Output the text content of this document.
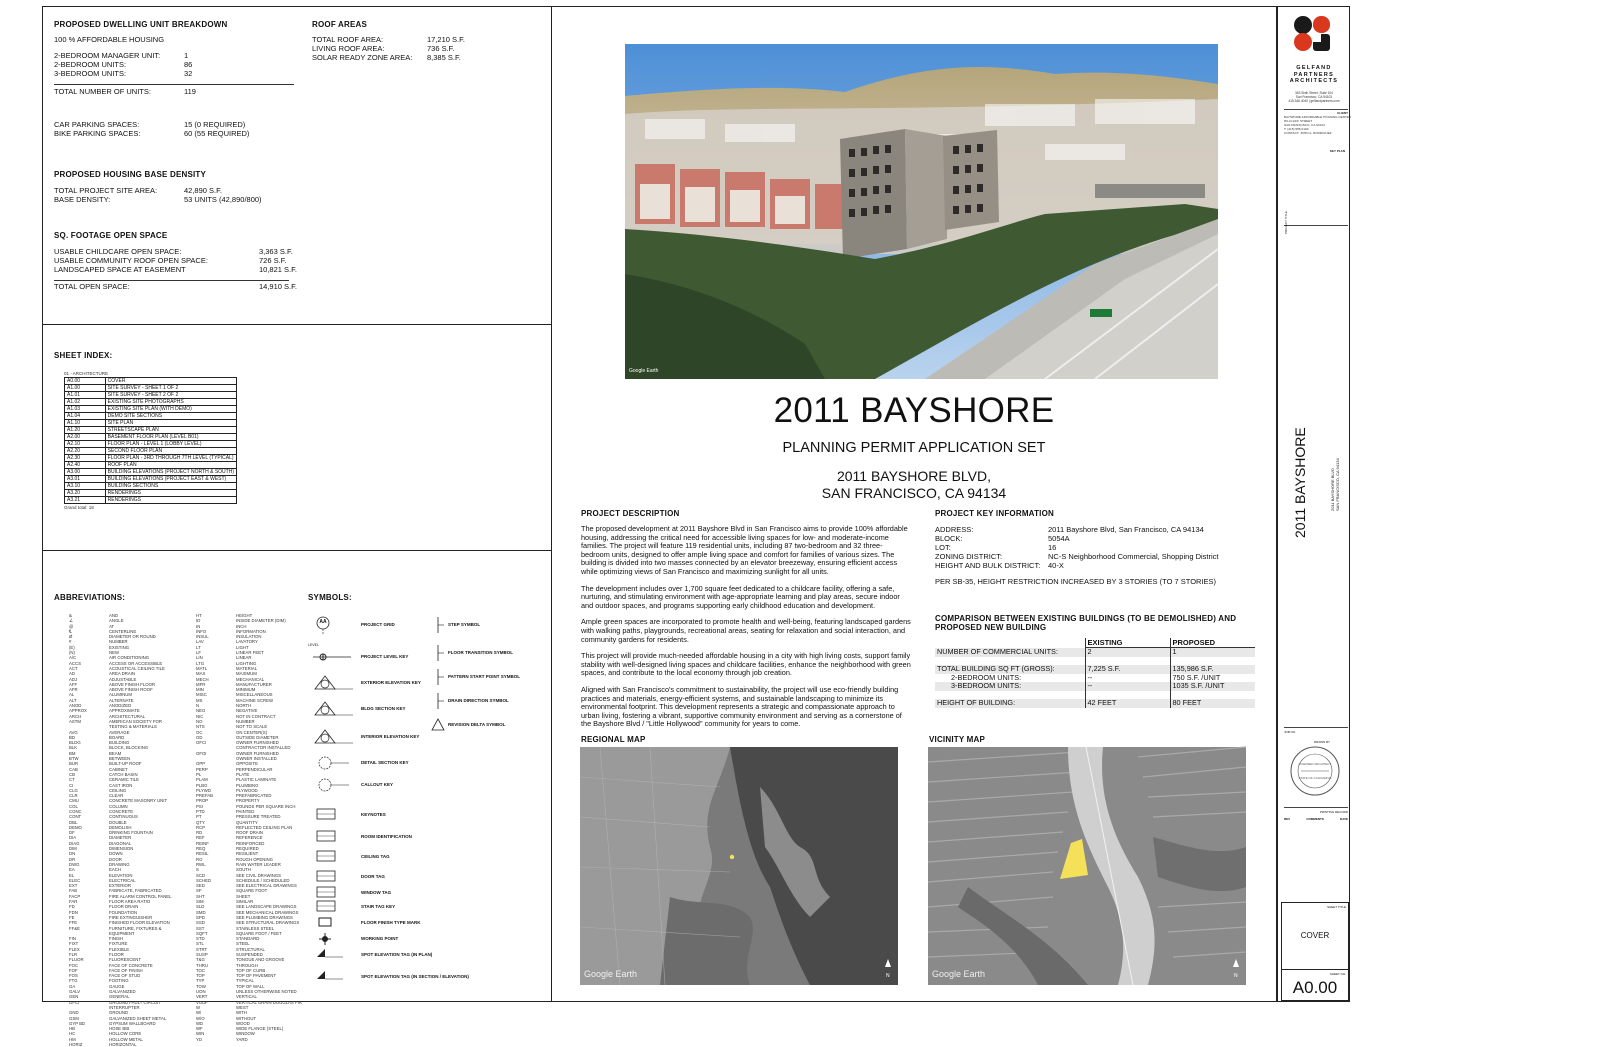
PROPOSED DWELLING UNIT BREAKDOWN
100 % AFFORDABLE HOUSING
2-BEDROOM MANAGER UNIT:	1
2-BEDROOM UNITS:	86
3-BEDROOM UNITS:	32
TOTAL NUMBER OF UNITS:	119
CAR PARKING SPACES:	15 (0 REQUIRED)
BIKE PARKING SPACES:	60 (55 REQUIRED)
ROOF AREAS
TOTAL ROOF AREA:	17,210 S.F.
LIVING ROOF AREA:	736 S.F.
SOLAR READY ZONE AREA:	8,385 S.F.
PROPOSED HOUSING BASE DENSITY
TOTAL PROJECT SITE AREA:	42,890 S.F.
BASE DENSITY:	53 UNITS (42,890/800)
SQ. FOOTAGE OPEN SPACE
USABLE CHILDCARE OPEN SPACE:	3,363 S.F.
USABLE COMMUNITY ROOF OPEN SPACE:	726 S.F.
LANDSCAPED SPACE AT EASEMENT	10,821 S.F.
TOTAL OPEN SPACE:	14,910 S.F.
SHEET INDEX:
01 - ARCHITECTURE
A0.00	COVER
A1.00	SITE SURVEY - SHEET 1 OF 2
A1.01	SITE SURVEY - SHEET 2 OF 2
A1.02	EXISTING SITE PHOTOGRAPHS
A1.03	EXISTING SITE PLAN (WITH DEMO)
A1.04	DEMO SITE SECTIONS
A1.10	SITE PLAN
A1.20	STREETSCAPE PLAN
A2.00	BASEMENT FLOOR PLAN (LEVEL B01)
A2.10	FLOOR PLAN - LEVEL 1 (LOBBY LEVEL)
A2.20	SECOND FLOOR PLAN
A2.30	FLOOR PLAN - 3RD THROUGH 7TH LEVEL (TYPICAL)
A2.40	ROOF PLAN
A3.00	BUILDING ELEVATIONS (PROJECT NORTH & SOUTH)
A3.01	BUILDING ELEVATIONS (PROJECT EAST & WEST)
A3.10	BUILDING SECTIONS
A3.20	RENDERINGS
A3.21	RENDERINGS
Grand total: 18
ABBREVIATIONS:
&	AND
∠	ANGLE
@	AT
℄	CENTERLINE
Ø	DIAMETER OR ROUND
#	NUMBER
(E)	EXISTING
(N)	NEW
A/C	AIR CONDITIONING
ACCS	ACCESS OR ACCESSIBLE
ACT	ACOUSTICAL CEILING TILE
AD	AREA DRAIN
ADJ	ADJUSTABLE
AFF	ABOVE FINISH FLOOR
AFR	ABOVE FINISH ROOF
AL	ALUMINUM
ALT	ALTERNATE
ANOD	ANODIZED
APPROX	APPROXIMATE
ARCH	ARCHITECTURAL
ASTM	AMERICAN SOCIETY FOR
TESTING & MATERIALS
AVG	AVERAGE
BD	BOARD
BLDG	BUILDING
BLK	BLOCK, BLOCKING
BM	BEAM
BTW	BETWEEN
BUR	BUILT-UP ROOF
CAB	CABINET
CB	CATCH BASIN
CT	CERAMIC TILE
CI	CAST IRON
CLG	CEILING
CLR	CLEAR
CMU	CONCRETE MASONRY UNIT
COL	COLUMN
CONC	CONCRETE
CONT	CONTINUOUS
DBL	DOUBLE
DEMO	DEMOLISH
DF	DRINKING FOUNTAIN
DIA	DIAMETER
DIAG	DIAGONAL
DIM	DIMENSION
DN	DOWN
DR	DOOR
DWG	DRAWING
EA	EACH
EL	ELEVATION
ELEC	ELECTRICAL
EXT	EXTERIOR
FAB	FABRICATE, FABRICATED
FACP	FIRE ALARM CONTROL PANEL
FAR	FLOOR AREA RATIO
FD	FLOOR DRAIN
FDN	FOUNDATION
FE	FIRE EXTINGUISHER
FFE	FINISHED FLOOR ELEVATION
FF&E	FURNITURE, FIXTURES &
EQUIPMENT
FIN	FINISH
FIXT	FIXTURE
FLEX	FLEXIBLE
FLR	FLOOR
FLUOR	FLUORESCENT
FOC	FACE OF CONCRETE
FOF	FACE OF FINISH
FOS	FACE OF STUD
FTG	FOOTING
GA	GAUGE
GALV	GALVANIZED
GEN	GENERAL
GFCI	GROUND FAULT CIRCUIT
INTERRUPTER
GND	GROUND
GSM	GALVANIZED SHEET METAL
GYP BD	GYPSUM WALLBOARD
HB	HOSE BIB
HC	HOLLOW CORE
HM	HOLLOW METAL
HORIZ	HORIZONTAL
HT	HEIGHT
ID	INSIDE DIAMETER (DIM)
IN	INCH
INFO	INFORMATION
INSUL	INSULATION
LAV	LAVATORY
LT	LIGHT
LF	LINEAR FEET
LIN	LINEAR
LTG	LIGHTING
MATL	MATERIAL
MAX	MAXIMUM
MECH	MECHANICAL
MFR	MANUFACTURER
MIN	MINIMUM
MISC	MISCELLANEOUS
MS	MACHINE SCREW
N	NORTH
NEG	NEGATIVE
NIC	NOT IN CONTRACT
NO	NUMBER
NTS	NOT TO SCALE
OC	ON CENTER(S)
OD	OUTSIDE DIAMETER
OFCI	OWNER FURNISHED
CONTRACTOR INSTALLED
OFOI	OWNER FURNISHED
OWNER INSTALLED
OPP	OPPOSITE
PERP	PERPENDICULAR
PL	PLATE
PLAM	PLASTIC LAMINATE
PLBG	PLUMBING
PLYWD	PLYWOOD
PREFAB	PREFABRICATED
PROP	PROPERTY
PSI	POUNDS PER SQUARE INCH
PTD	PAINTED
PT	PRESSURE TREATED
QTY	QUANTITY
RCP	REFLECTED CEILING PLAN
RD	ROOF DRAIN
REF	REFERENCE
REINF	REINFORCED
REQ	REQUIRED
RESIL	RESILIENT
RO	ROUGH OPENING
RWL	RAIN WATER LEADER
S	SOUTH
SCD	SEE CIVIL DRAWINGS
SCHED	SCHEDULE / SCHEDULED
SED	SEE ELECTRICAL DRAWINGS
SF	SQUARE FOOT
SHT	SHEET
SIM	SIMILAR
SLD	SEE LANDSCAPE DRAWINGS
SMD	SEE MECHANICAL DRAWINGS
SPD	SEE PLUMBING DRAWINGS
SSD	SEE STRUCTURAL DRAWINGS
SST	STAINLESS STEEL
SQFT	SQUARE FOOT / FEET
STD	STANDARD
STL	STEEL
STRT	STRUCTURAL
SUSP	SUSPENDED
T&G	TONGUE AND GROOVE
THRU	THROUGH
TOC	TOP OF CURB
TOP	TOP OF PAVEMENT
TYP	TYPICAL
TOW	TOP OF WALL
UON	UNLESS OTHERWISE NOTED
VERT	VERTICAL
VGDF	VERTICAL GRAIN DOUGLAS FIR
W	WEST
W/	WITH
W/O	WITHOUT
WD	WOOD
WF	WIDE FLANGE (STEEL)
WIN	WINDOW
YD	YARD
SYMBOLS:
PROJECT GRID
PROJECT LEVEL KEY
EXTERIOR ELEVATION KEY
BLDG SECTION KEY
INTERIOR ELEVATION KEY
DETAIL SECTION KEY
CALLOUT KEY
KEYNOTES
ROOM IDENTIFICATION
CEILING TAG
DOOR TAG
WINDOW TAG
STAIR TAG KEY
FLOOR FINISH TYPE MARK
WORKING POINT
SPOT ELEVATION TAG (IN PLAN)
SPOT ELEVATION TAG (IN SECTION / ELEVATION)
AA
LEVEL
STEP SYMBOL
FLOOR TRANSITION SYMBOL
PATTERN START POINT SYMBOL
DRAIN DIRECTION SYMBOL
REVISION DELTA SYMBOL
Google Earth
2011 BAYSHORE
PLANNING PERMIT APPLICATION SET
2011 BAYSHORE BLVD,
SAN FRANCISCO, CA 94134
PROJECT DESCRIPTION

The proposed development at 2011 Bayshore Blvd in San Francisco aims to provide 100% affordable housing, addressing the critical need for accessible living spaces for low- and moderate-income families. The project will feature 119 residential units, including 87 two-bedroom and 32 three-bedroom units, designed to offer ample living space and comfort for families of various sizes. The building is divided into two masses connected by an elevator breezeway, ensuring efficient access while optimizing views of San Francisco and maximizing sunlight for all units.

The development includes over 1,700 square feet dedicated to a childcare facility, offering a safe, nurturing, and stimulating environment with age-appropriate learning and play areas, secure indoor and outdoor spaces, and programs supporting early childhood education and development.

Ample green spaces are incorporated to promote health and well-being, featuring landscaped gardens with walking paths, playgrounds, recreational areas, seating for relaxation and social interaction, and community gardens for residents.

This project will provide much-needed affordable housing in a city with high living costs, support family stability with well-designed living spaces and childcare facilities, enhance the neighborhood with green spaces, and contribute to the local economy through job creation.

Aligned with San Francisco's commitment to sustainability, the project will use eco-friendly building practices and materials, energy-efficient systems, and sustainable landscaping to minimize its environmental footprint. This development represents a strategic and compassionate approach to urban living, fostering a vibrant, supportive community environment and serving as a cornerstone of the Bayshore Blvd / "Little Hollywood" community for years to come.

PROJECT KEY INFORMATION
ADDRESS:	2011 Bayshore Blvd, San Francisco, CA 94134
BLOCK:	5054A
LOT:	16
ZONING DISTRICT:	NC-S Neighborhood Commercial, Shopping District
HEIGHT AND BULK DISTRICT:	40-X
PER SB-35, HEIGHT RESTRICTION INCREASED BY 3 STORIES (TO 7 STORIES)
COMPARISON BETWEEN EXISTING BUILDINGS (TO BE DEMOLISHED) AND PROPOSED NEW BUILDING
	EXISTING	PROPOSED
NUMBER OF COMMERCIAL UNITS:	2	1

TOTAL BUILDING SQ FT (GROSS):	7,225 S.F.	135,986 S.F.
2-BEDROOM UNITS:	--	750 S.F. /UNIT
3-BEDROOM UNITS:	--	1035 S.F. /UNIT

HEIGHT OF BUILDING:	42 FEET	80 FEET
REGIONAL MAP
N
Google Earth
VICINITY MAP
N
Google Earth
GELFAND
PARTNERS
ARCHITECTS
363 Sixth Street, Suite 104
San Francisco, CA 94103
415.346.4040 | gelfandpartners.com
CLIENT
BAYSHORE AFFORDABLE HOUSING CENTER
HILLCLIFF STREET
SAN FRANCISCO, CA 94134
T: (415) 555-0100
CONTACT: JOHN A. RODRIGUEZ
KEY PLAN
PROJECT TITLE
2011 BAYSHORE	2011 BAYSHORE BLVD SAN FRANCISCO, CA 94134
JOB NO.
DRAWN BY
LICENSED ARCHITECT
STATE OF CALIFORNIA
PRINTING RECORD
REV	COMMENTS	DATE
SHEET TITLE
COVER
SHEET NO.
A0.00
